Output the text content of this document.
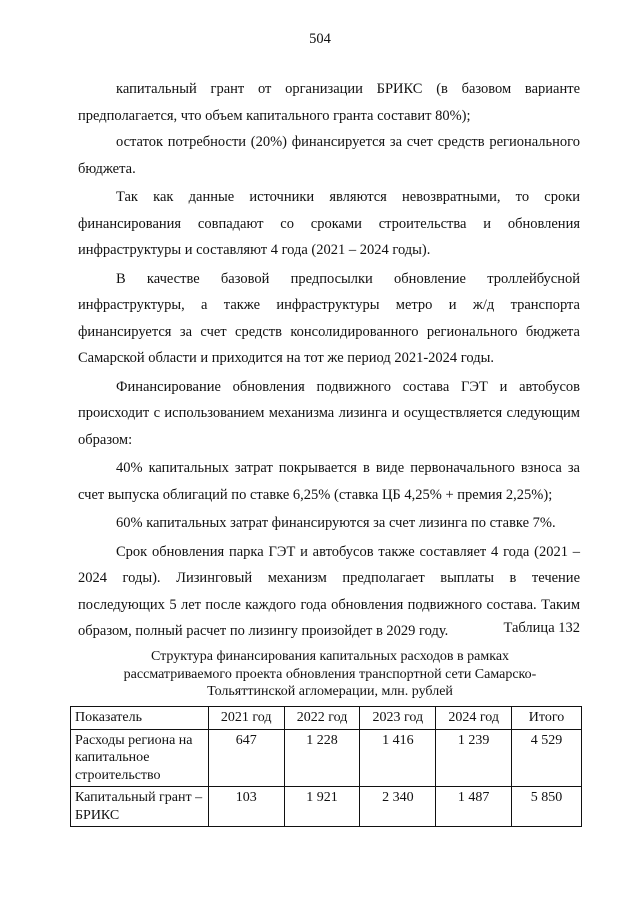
504

капитальный грант от организации БРИКС (в базовом варианте предполагается, что объем капитального гранта составит 80%);

остаток потребности (20%) финансируется за счет средств регионального бюджета.

Так как данные источники являются невозвратными, то сроки финансирования совпадают со сроками строительства и обновления инфраструктуры и составляют 4 года (2021 – 2024 годы).

В качестве базовой предпосылки обновление троллейбусной инфраструктуры, а также инфраструктуры метро и ж/д транспорта финансируется за счет средств консолидированного регионального бюджета Самарской области и приходится на тот же период 2021-2024 годы.

Финансирование обновления подвижного состава ГЭТ и автобусов происходит с использованием механизма лизинга и осуществляется следующим образом:

40% капитальных затрат покрывается в виде первоначального взноса за счет выпуска облигаций по ставке 6,25% (ставка ЦБ 4,25% + премия 2,25%);

60% капитальных затрат финансируются за счет лизинга по ставке 7%.

Срок обновления парка ГЭТ и автобусов также составляет 4 года (2021 – 2024 годы). Лизинговый механизм предполагает выплаты в течение последующих 5 лет после каждого года обновления подвижного состава. Таким образом, полный расчет по лизингу произойдет в 2029 году.	Таблица 132
Структура финансирования капитальных расходов в рамках рассматриваемого проекта обновления транспортной сети Самарско-Тольяттинской агломерации, млн. рублей
Показатель	2021 год	2022 год	2023 год	2024 год	Итого
Расходы региона на капитальное строительство	647	1 228	1 416	1 239	4 529
Капитальный грант – БРИКС	103	1 921	2 340	1 487	5 850
